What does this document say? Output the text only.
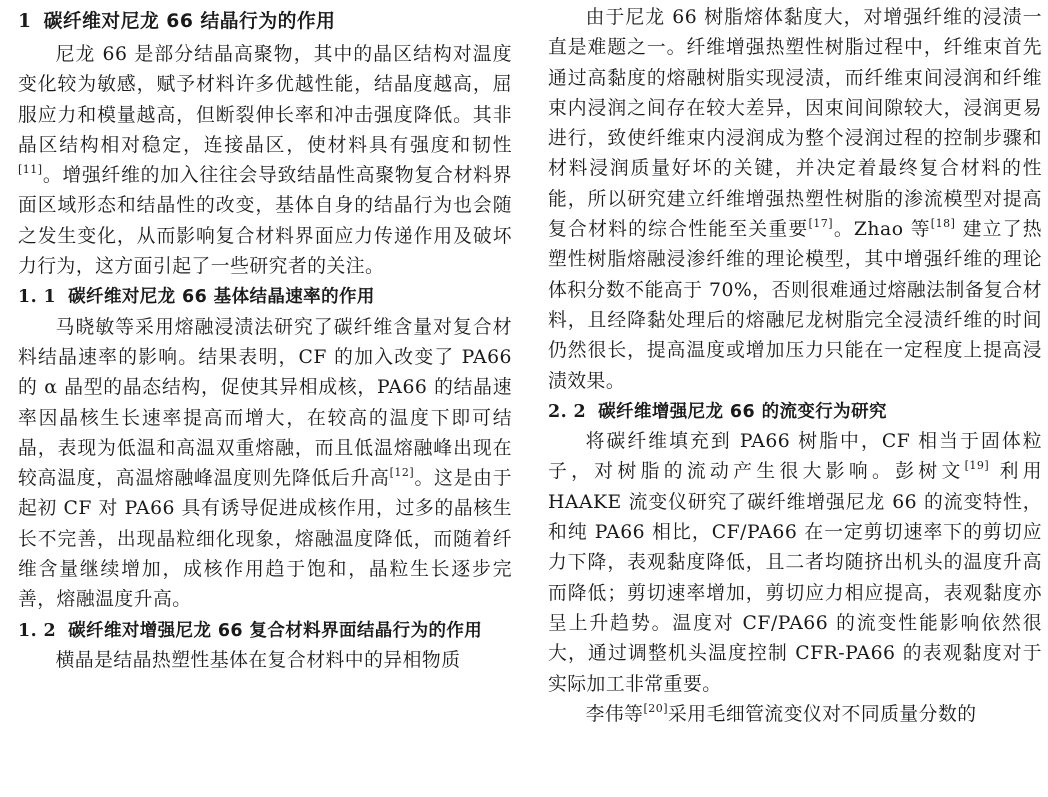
1 碳纤维对尼龙 66 结晶行为的作用

尼龙 66 是部分结晶高聚物，其中的晶区结构对温度变化较为敏感，赋予材料许多优越性能，结晶度越高，屈服应力和模量越高，但断裂伸长率和冲击强度降低。其非晶区结构相对稳定，连接晶区，使材料具有强度和韧性[11]。增强纤维的加入往往会导致结晶性高聚物复合材料界面区域形态和结晶性的改变，基体自身的结晶行为也会随之发生变化，从而影响复合材料界面应力传递作用及破坏力行为，这方面引起了一些研究者的关注。

1. 1 碳纤维对尼龙 66 基体结晶速率的作用

马晓敏等采用熔融浸渍法研究了碳纤维含量对复合材料结晶速率的影响。结果表明，CF 的加入改变了 PA66 的 α 晶型的晶态结构，促使其异相成核，PA66 的结晶速率因晶核生长速率提高而增大，在较高的温度下即可结晶，表现为低温和高温双重熔融，而且低温熔融峰出现在较高温度，高温熔融峰温度则先降低后升高[12]。这是由于起初 CF 对 PA66 具有诱导促进成核作用，过多的晶核生长不完善，出现晶粒细化现象，熔融温度降低，而随着纤维含量继续增加，成核作用趋于饱和，晶粒生长逐步完善，熔融温度升高。

1. 2 碳纤维对增强尼龙 66 复合材料界面结晶行为的作用

横晶是结晶热塑性基体在复合材料中的异相物质

由于尼龙 66 树脂熔体黏度大，对增强纤维的浸渍一直是难题之一。纤维增强热塑性树脂过程中，纤维束首先通过高黏度的熔融树脂实现浸渍，而纤维束间浸润和纤维束内浸润之间存在较大差异，因束间间隙较大，浸润更易进行，致使纤维束内浸润成为整个浸润过程的控制步骤和材料浸润质量好坏的关键，并决定着最终复合材料的性能，所以研究建立纤维增强热塑性树脂的渗流模型对提高复合材料的综合性能至关重要[17]。Zhao 等[18] 建立了热塑性树脂熔融浸渗纤维的理论模型，其中增强纤维的理论体积分数不能高于 70%，否则很难通过熔融法制备复合材料，且经降黏处理后的熔融尼龙树脂完全浸渍纤维的时间仍然很长，提高温度或增加压力只能在一定程度上提高浸渍效果。

2. 2 碳纤维增强尼龙 66 的流变行为研究

将碳纤维填充到 PA66 树脂中，CF 相当于固体粒子，对树脂的流动产生很大影响。彭树文[19] 利用 HAAKE 流变仪研究了碳纤维增强尼龙 66 的流变特性，和纯 PA66 相比，CF/PA66 在一定剪切速率下的剪切应力下降，表观黏度降低，且二者均随挤出机头的温度升高而降低；剪切速率增加，剪切应力相应提高，表观黏度亦呈上升趋势。温度对 CF/PA66 的流变性能影响依然很大，通过调整机头温度控制 CFR-PA66 的表观黏度对于实际加工非常重要。

李伟等[20]采用毛细管流变仪对不同质量分数的
